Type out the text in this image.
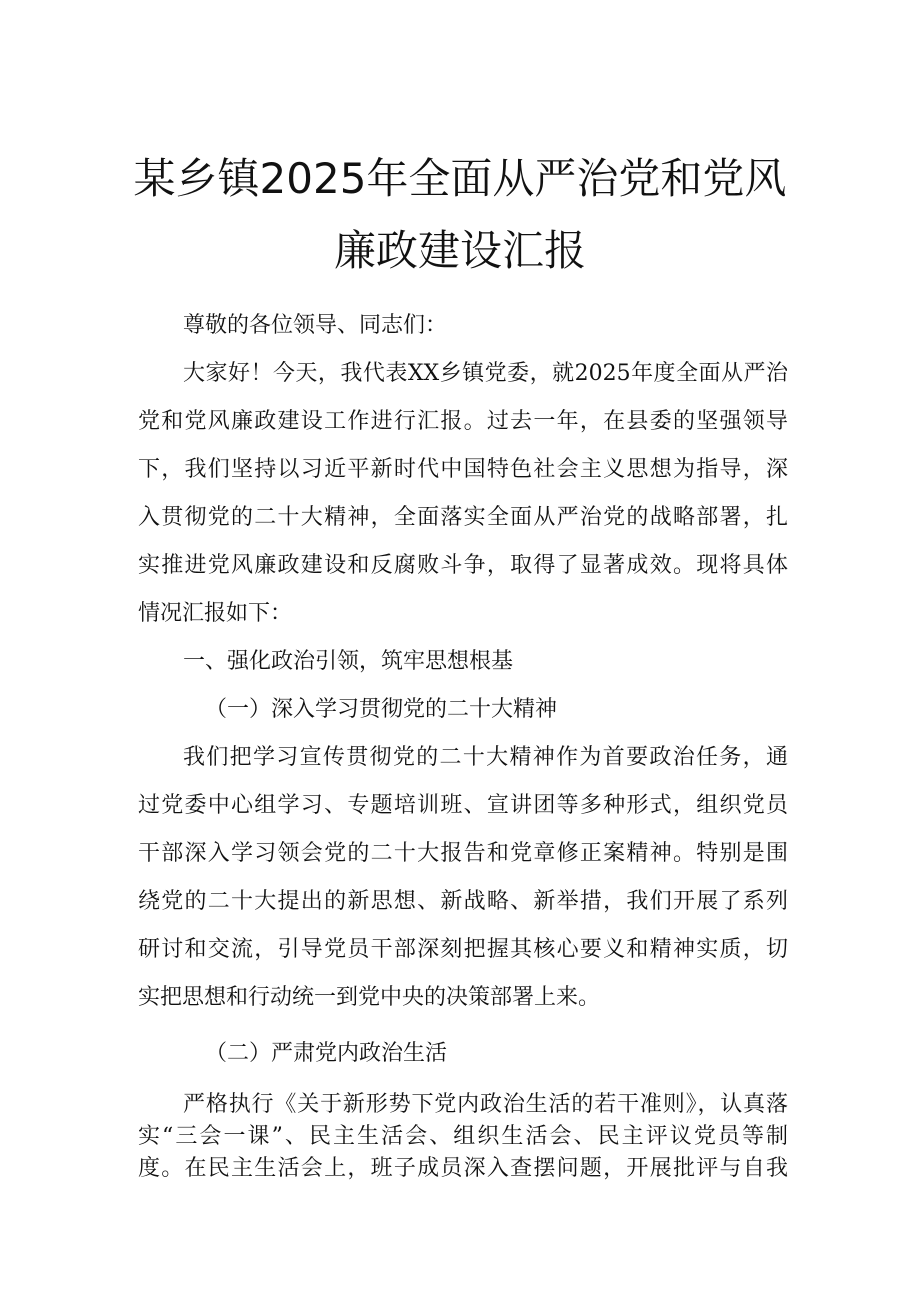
某乡镇2025年全面从严治党和党风
廉政建设汇报
尊敬的各位领导、同志们：
大家好！今天，我代表XX乡镇党委，就2025年度全面从严治
党和党风廉政建设工作进行汇报。过去一年，在县委的坚强领导
下，我们坚持以习近平新时代中国特色社会主义思想为指导，深
入贯彻党的二十大精神，全面落实全面从严治党的战略部署，扎
实推进党风廉政建设和反腐败斗争，取得了显著成效。现将具体
情况汇报如下：
一、强化政治引领，筑牢思想根基
（一）深入学习贯彻党的二十大精神
我们把学习宣传贯彻党的二十大精神作为首要政治任务，通
过党委中心组学习、专题培训班、宣讲团等多种形式，组织党员
干部深入学习领会党的二十大报告和党章修正案精神。特别是围
绕党的二十大提出的新思想、新战略、新举措，我们开展了系列
研讨和交流，引导党员干部深刻把握其核心要义和精神实质，切
实把思想和行动统一到党中央的决策部署上来。
（二）严肃党内政治生活
严格执行《关于新形势下党内政治生活的若干准则》，认真落
实“三会一课”、民主生活会、组织生活会、民主评议党员等制
度。在民主生活会上，班子成员深入查摆问题，开展批评与自我
